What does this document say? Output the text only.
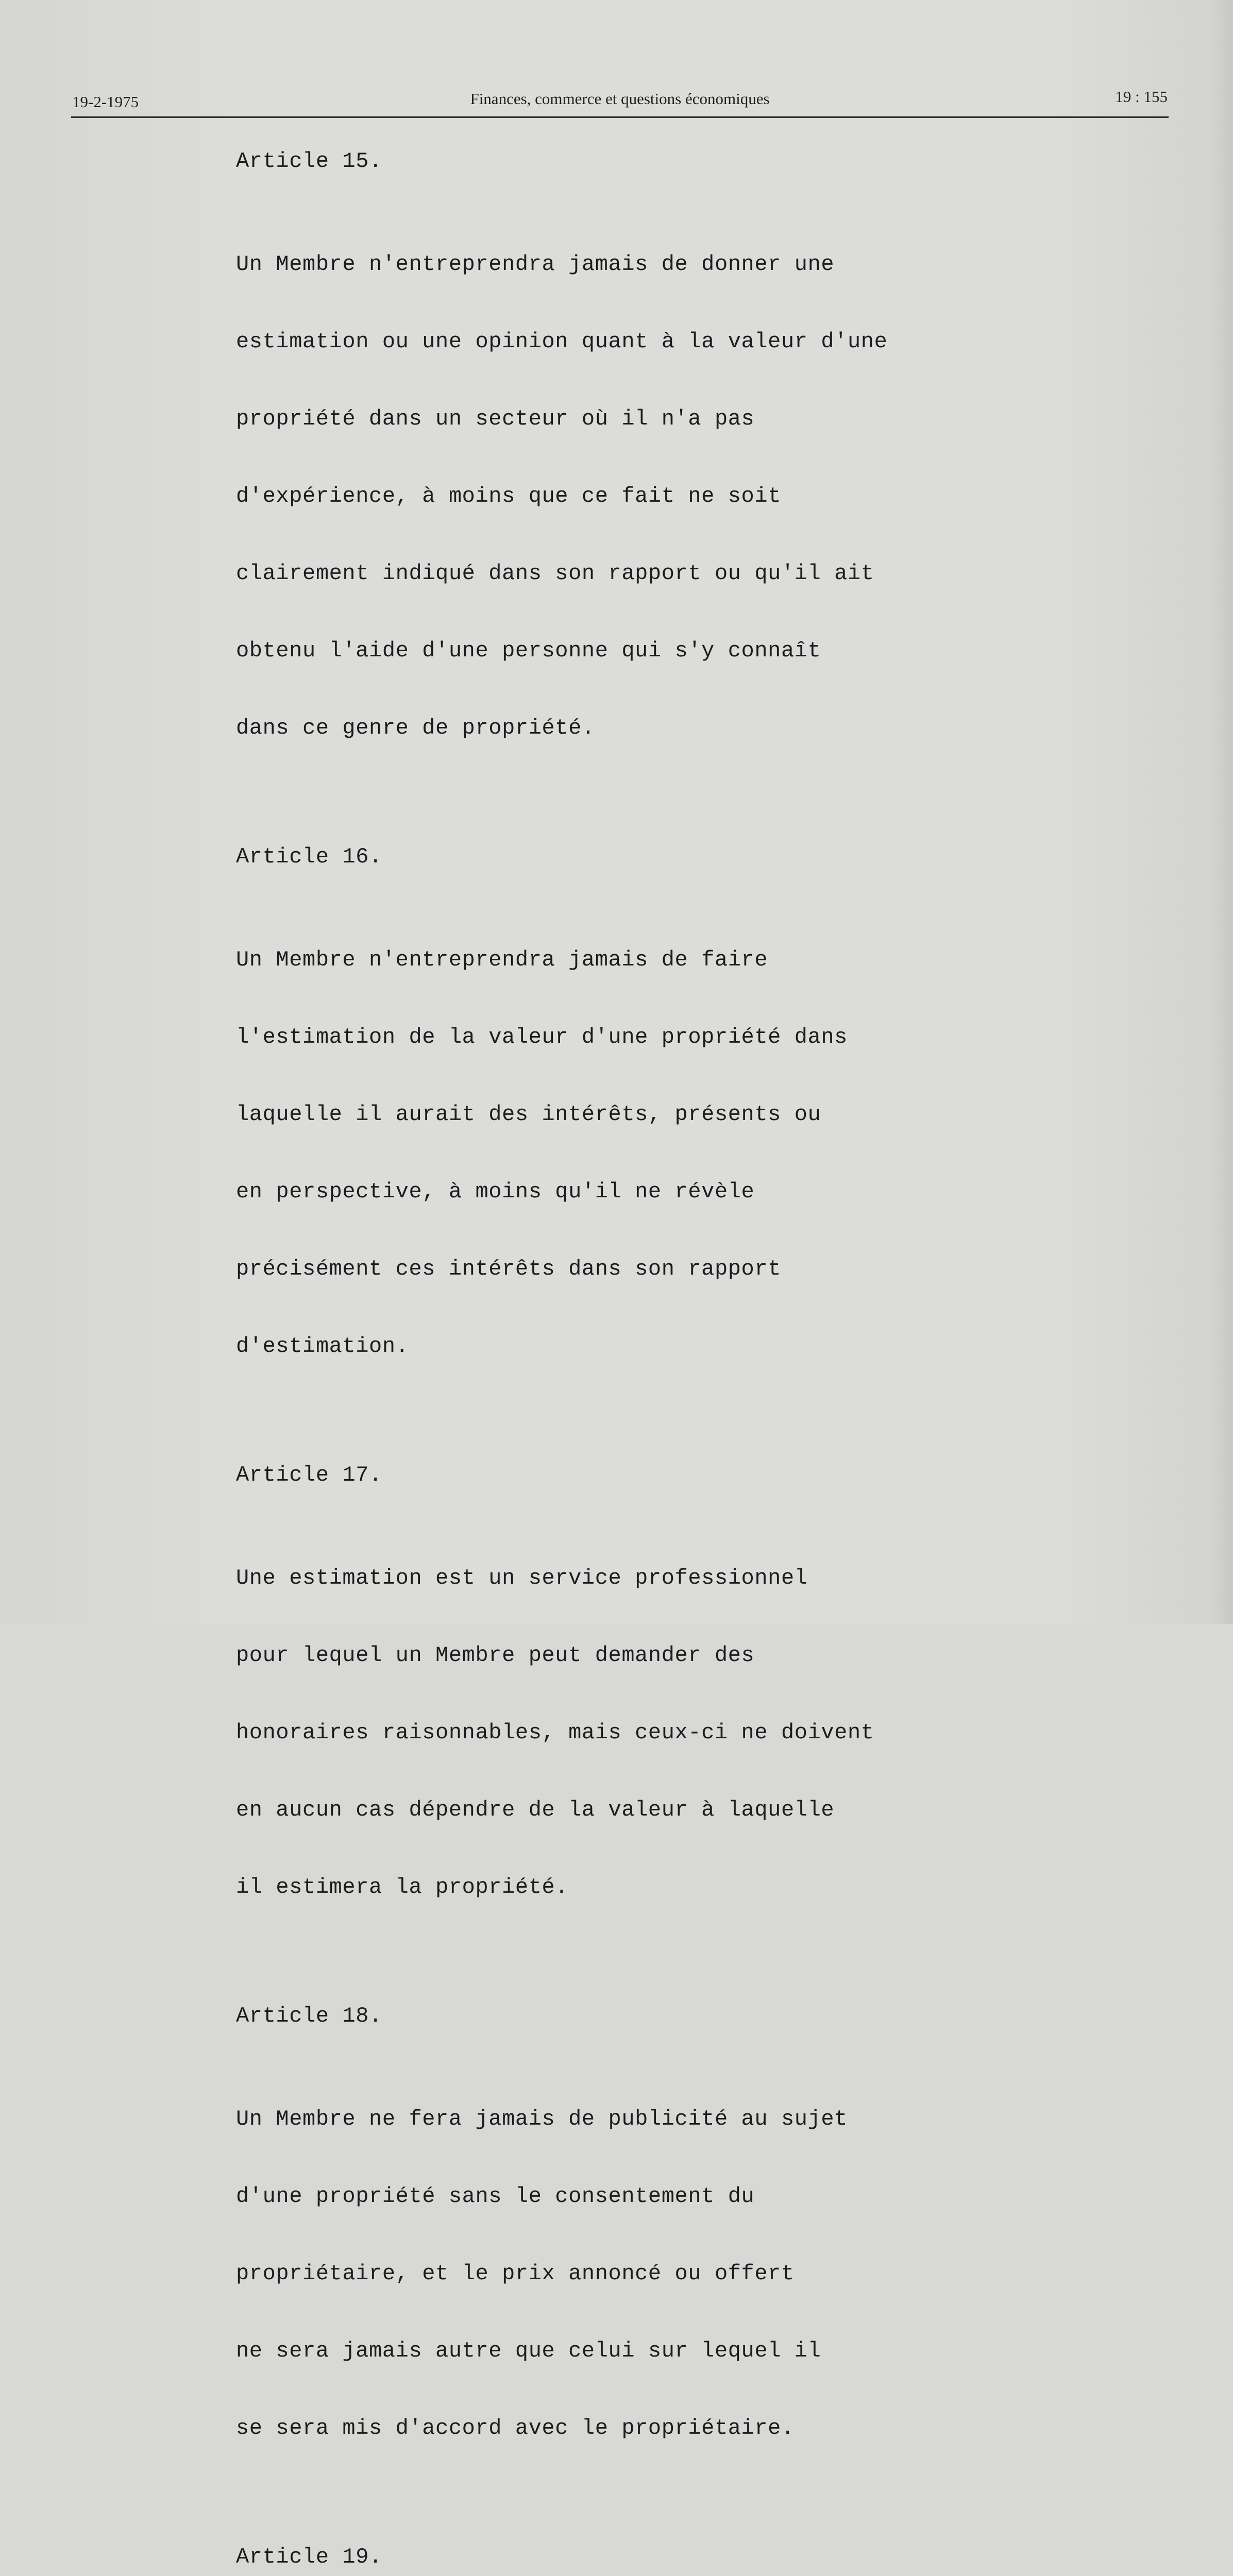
19-2-1975	Finances, commerce et questions économiques	19 : 155
Article 15.

Un Membre n'entreprendra jamais de donner une

estimation ou une opinion quant à la valeur d'une

propriété dans un secteur où il n'a pas

d'expérience, à moins que ce fait ne soit

clairement indiqué dans son rapport ou qu'il ait

obtenu l'aide d'une personne qui s'y connaît

dans ce genre de propriété.

Article 16.

Un Membre n'entreprendra jamais de faire

l'estimation de la valeur d'une propriété dans

laquelle il aurait des intérêts, présents ou

en perspective, à moins qu'il ne révèle

précisément ces intérêts dans son rapport

d'estimation.

Article 17.

Une estimation est un service professionnel

pour lequel un Membre peut demander des

honoraires raisonnables, mais ceux-ci ne doivent

en aucun cas dépendre de la valeur à laquelle

il estimera la propriété.

Article 18.

Un Membre ne fera jamais de publicité au sujet

d'une propriété sans le consentement du

propriétaire, et le prix annoncé ou offert

ne sera jamais autre que celui sur lequel il

se sera mis d'accord avec le propriétaire.

Article 19.
